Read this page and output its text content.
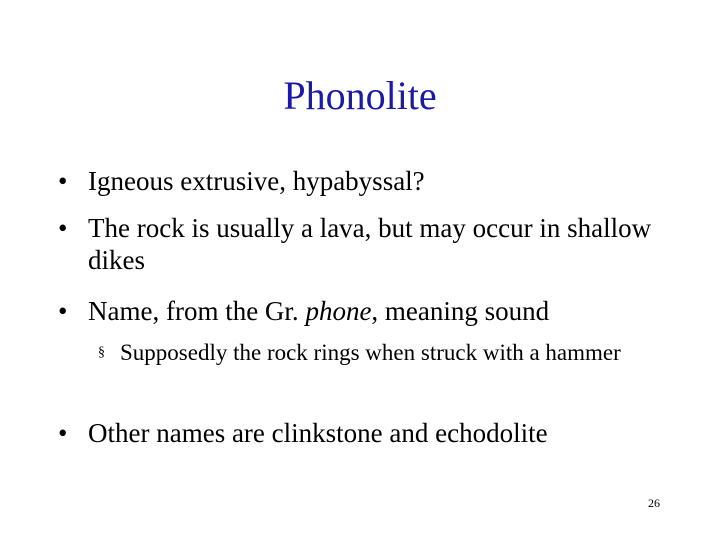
Phonolite
• Igneous extrusive, hypabyssal?
• The rock is usually a lava, but may occur in shallow dikes
• Name, from the Gr. phone, meaning sound
§ Supposedly the rock rings when struck with a hammer
• Other names are clinkstone and echodolite
26
